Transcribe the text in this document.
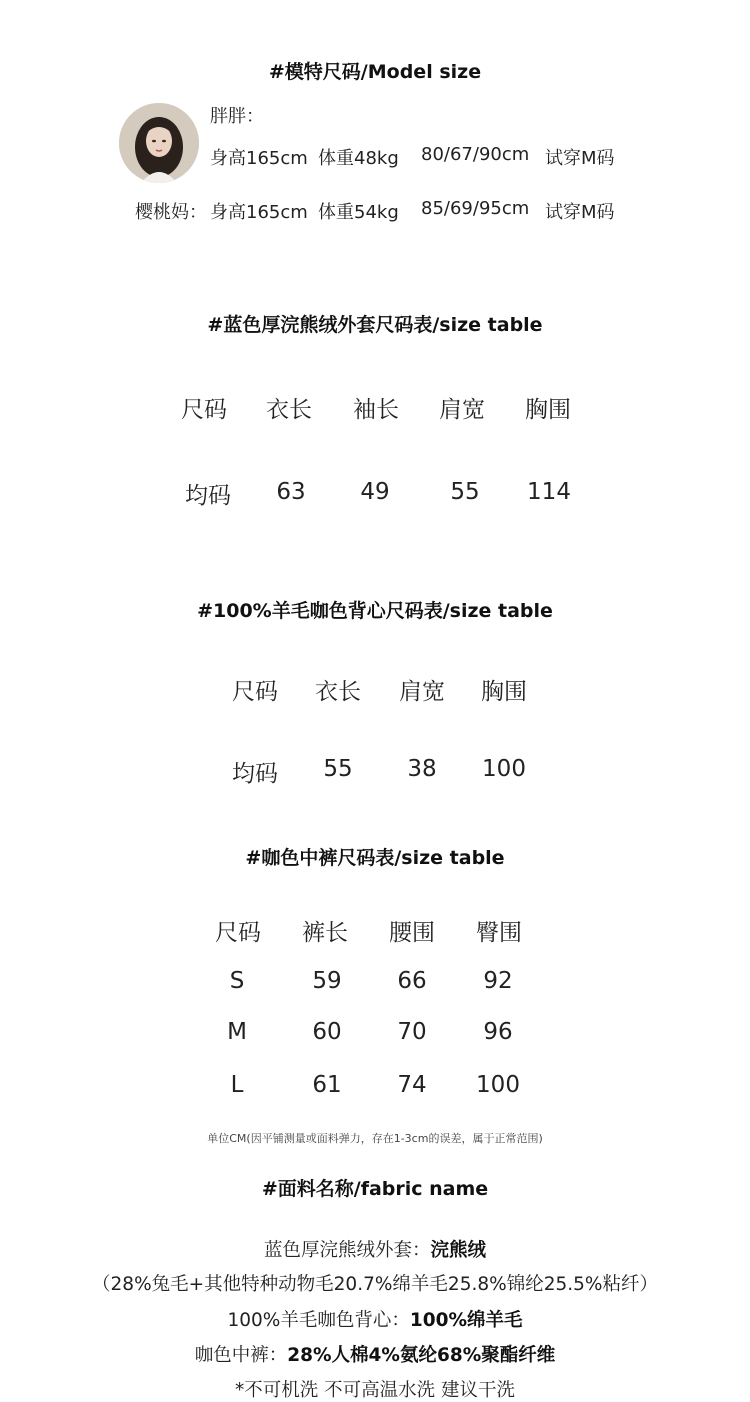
#模特尺码/Model size
胖胖：
身高165cm 体重48kg 80/67/90cm 试穿M码
樱桃妈： 身高165cm 体重54kg 85/69/95cm 试穿M码
#蓝色厚浣熊绒外套尺码表/size table
尺码 衣长 袖长 肩宽 胸围
均码 63 49	55 114
#100%羊毛咖色背心尺码表/size table
尺码 衣长 肩宽 胸围
均码 55 38 100
#咖色中裤尺码表/size table
尺码 裤长 腰围 臀围
S	59 66 92
M	60 70 96
L	61 74 100
单位CM(因平铺测量或面料弹力，存在1-3cm的误差，属于正常范围)
#面料名称/fabric name
蓝色厚浣熊绒外套：浣熊绒
（28%兔毛+其他特种动物毛20.7%绵羊毛25.8%锦纶25.5%粘纤）
100%羊毛咖色背心：100%绵羊毛
咖色中裤：28%人棉4%氨纶68%聚酯纤维
*不可机洗 不可高温水洗 建议干洗
